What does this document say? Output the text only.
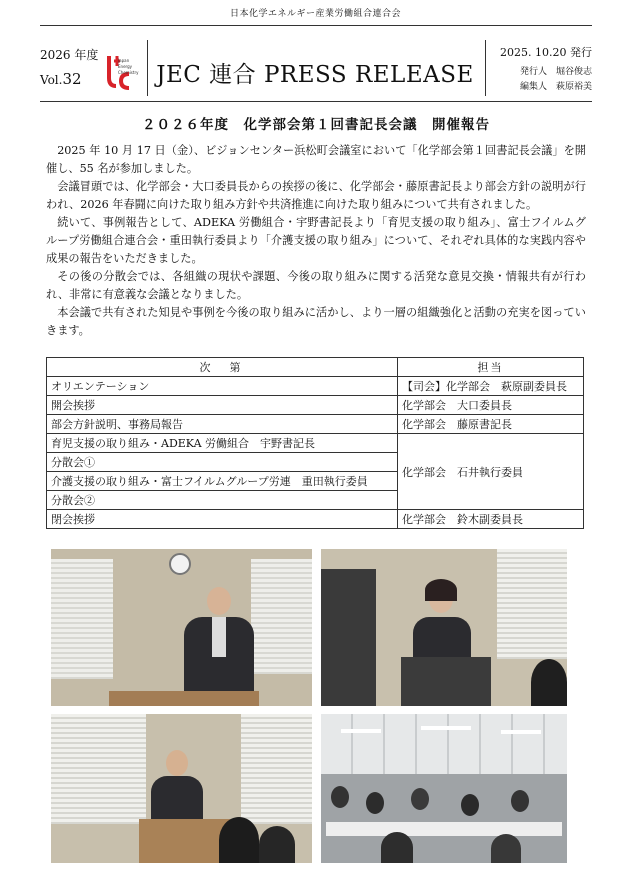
日本化学エネルギー産業労働組合連合会
2026 年度
Vol.32
Japan
Energy
Chemistry JEC 連合 PRESS RELEASE
2025. 10.20 発行
発行人　堀谷俊志
編集人　萩原裕美
２０２６年度　化学部会第１回書記長会議　開催報告

2025 年 10 月 17 日（金）、ビジョンセンター浜松町会議室において「化学部会第１回書記長会議」を開催し、55 名が参加しました。

会議冒頭では、化学部会・大口委員長からの挨拶の後に、化学部会・藤原書記長より部会方針の説明が行われ、2026 年春闘に向けた取り組み方針や共済推進に向けた取り組みについて共有されました。

続いて、事例報告として、ADEKA 労働組合・宇野書記長より「育児支援の取り組み」、富士フイルムグループ労働組合連合会・重田執行委員より「介護支援の取り組み」について、それぞれ具体的な実践内容や成果の報告をいただきました。

その後の分散会では、各組織の現状や課題、今後の取り組みに関する活発な意見交換・情報共有が行われ、非常に有意義な会議となりました。

本会議で共有された知見や事例を今後の取り組みに活かし、より一層の組織強化と活動の充実を図っていきます。

次　第	担当
オリエンテーション	【司会】化学部会　萩原副委員長
開会挨拶	化学部会　大口委員長
部会方針説明、事務局報告	化学部会　藤原書記長
育児支援の取り組み・ADEKA 労働組合　宇野書記長	化学部会　石井執行委員
分散会①	
介護支援の取り組み・富士フイルムグループ労連　重田執行委員	
分散会②	
閉会挨拶	化学部会　鈴木副委員長
